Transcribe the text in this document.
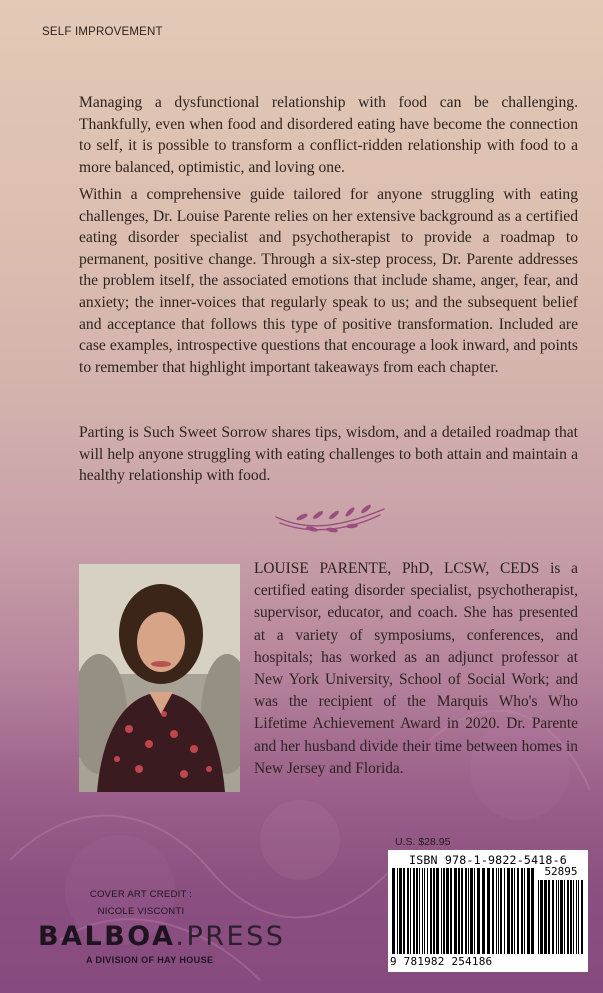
SELF IMPROVEMENT

Managing a dysfunctional relationship with food can be challenging. Thankfully, even when food and disordered eating have become the connection to self, it is possible to transform a conflict-ridden relationship with food to a more balanced, optimistic, and loving one.

Within a comprehensive guide tailored for anyone struggling with eating challenges, Dr. Louise Parente relies on her extensive background as a certified eating disorder specialist and psychotherapist to provide a roadmap to permanent, positive change. Through a six-step process, Dr. Parente addresses the problem itself, the associated emotions that include shame, anger, fear, and anxiety; the inner-voices that regularly speak to us; and the subsequent belief and acceptance that follows this type of positive transformation. Included are case examples, introspective questions that encourage a look inward, and points to remember that highlight important takeaways from each chapter.

Parting is Such Sweet Sorrow shares tips, wisdom, and a detailed roadmap that will help anyone struggling with eating challenges to both attain and maintain a healthy relationship with food.

LOUISE PARENTE, PhD, LCSW, CEDS is a certified eating disorder specialist, psychotherapist, supervisor, educator, and coach. She has presented at a variety of symposiums, conferences, and hospitals; has worked as an adjunct professor at New York University, School of Social Work; and was the recipient of the Marquis Who's Who Lifetime Achievement Award in 2020. Dr. Parente and her husband divide their time between homes in New Jersey and Florida.

U.S. $28.95
ISBN 978-1-9822-5418-6
52895
9 781982 254186
COVER ART CREDIT :
NICOLE VISCONTI
BALBOA.PRESS
A DIVISION OF HAY HOUSE
